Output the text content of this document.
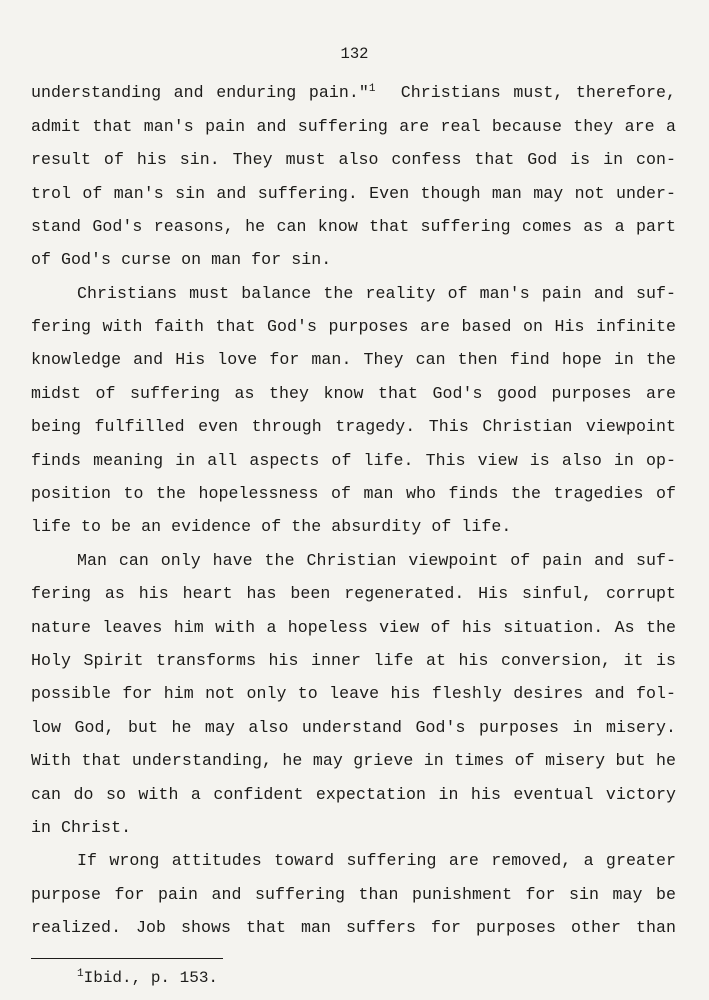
132
understanding and enduring pain."$^1$  Christians must, therefore,
admit that man's pain and suffering are real because they are a
result of his sin. They must also confess that God is in con-
trol of man's sin and suffering. Even though man may not under-
stand God's reasons, he can know that suffering comes as a part
of God's curse on man for sin.
Christians must balance the reality of man's pain and suf-
fering with faith that God's purposes are based on His infinite
knowledge and His love for man. They can then find hope in the
midst of suffering as they know that God's good purposes are
being fulfilled even through tragedy. This Christian viewpoint
finds meaning in all aspects of life. This view is also in op-
position to the hopelessness of man who finds the tragedies of
life to be an evidence of the absurdity of life.
Man can only have the Christian viewpoint of pain and suf-
fering as his heart has been regenerated. His sinful, corrupt
nature leaves him with a hopeless view of his situation. As the
Holy Spirit transforms his inner life at his conversion, it is
possible for him not only to leave his fleshly desires and fol-
low God, but he may also understand God's purposes in misery.
With that understanding, he may grieve in times of misery but he
can do so with a confident expectation in his eventual victory
in Christ.
If wrong attitudes toward suffering are removed, a greater
purpose for pain and suffering than punishment for sin may be
realized. Job shows that man suffers for purposes other than
$^1$Ibid., p. 153.
